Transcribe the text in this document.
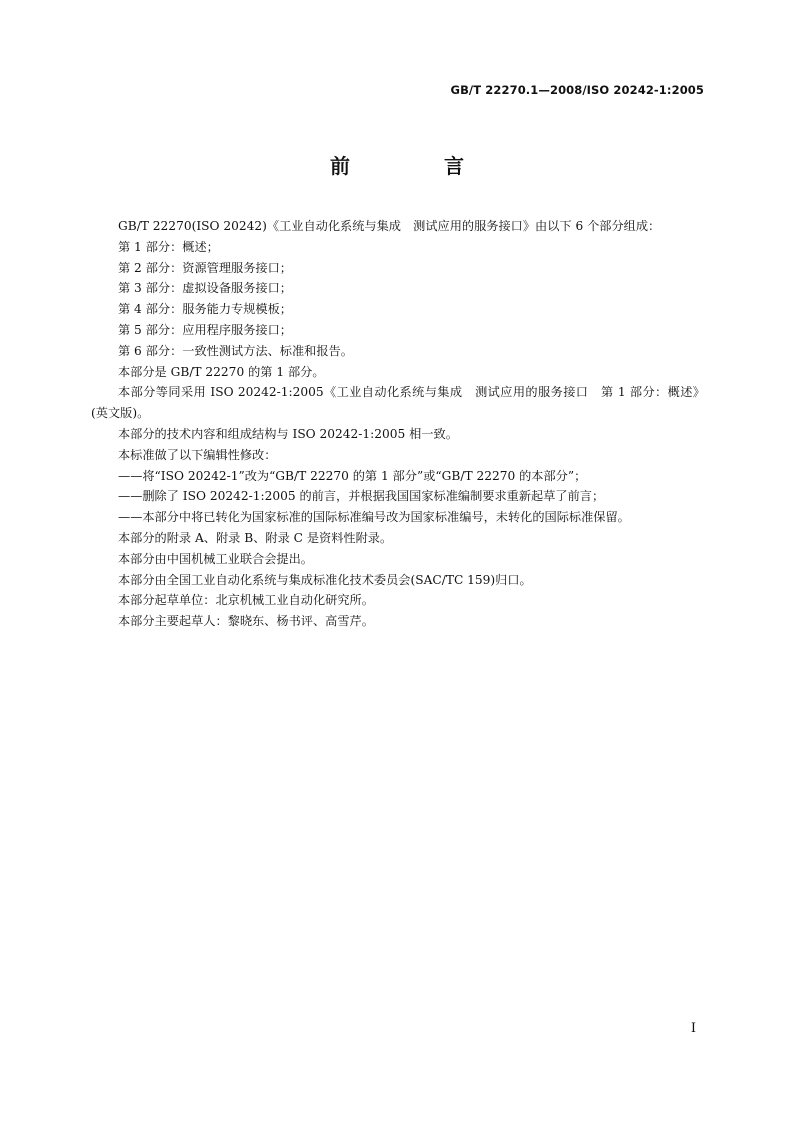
GB/T 22270.1—2008/ISO 20242-1:2005
前　言

GB/T 22270(ISO 20242)《工业自动化系统与集成　测试应用的服务接口》由以下 6 个部分组成：

第 1 部分：概述；

第 2 部分：资源管理服务接口；

第 3 部分：虚拟设备服务接口；

第 4 部分：服务能力专规模板；

第 5 部分：应用程序服务接口；

第 6 部分：一致性测试方法、标准和报告。

本部分是 GB/T 22270 的第 1 部分。

本部分等同采用 ISO 20242-1:2005《工业自动化系统与集成　测试应用的服务接口　第 1 部分：概述》(英文版)。

本部分的技术内容和组成结构与 ISO 20242-1:2005 相一致。

本标准做了以下编辑性修改：

——将“ISO 20242-1”改为“GB/T 22270 的第 1 部分”或“GB/T 22270 的本部分”；

——删除了 ISO 20242-1:2005 的前言，并根据我国国家标准编制要求重新起草了前言；

——本部分中将已转化为国家标准的国际标准编号改为国家标准编号，未转化的国际标准保留。

本部分的附录 A、附录 B、附录 C 是资料性附录。

本部分由中国机械工业联合会提出。

本部分由全国工业自动化系统与集成标准化技术委员会(SAC/TC 159)归口。

本部分起草单位：北京机械工业自动化研究所。

本部分主要起草人：黎晓东、杨书评、高雪芹。

I
